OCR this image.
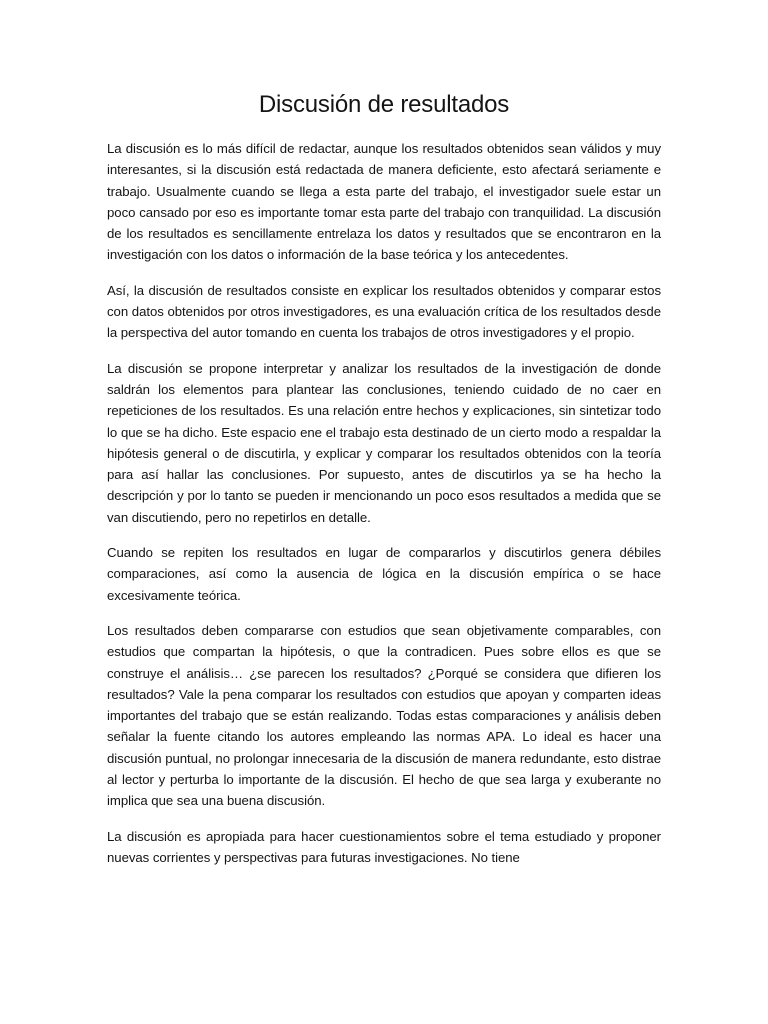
Discusión de resultados

La discusión es lo más difícil de redactar, aunque los resultados obtenidos sean válidos y muy interesantes, si la discusión está redactada de manera deficiente, esto afectará seriamente e trabajo. Usualmente cuando se llega a esta parte del trabajo, el investigador suele estar un poco cansado por eso es importante tomar esta parte del trabajo con tranquilidad. La discusión de los resultados es sencillamente entrelaza los datos y resultados que se encontraron en la investigación con los datos o información de la base teórica y los antecedentes.

Así, la discusión de resultados consiste en explicar los resultados obtenidos y comparar estos con datos obtenidos por otros investigadores, es una evaluación crítica de los resultados desde la perspectiva del autor tomando en cuenta los trabajos de otros investigadores y el propio.

La discusión se propone interpretar y analizar los resultados de la investigación de donde saldrán los elementos para plantear las conclusiones, teniendo cuidado de no caer en repeticiones de los resultados. Es una relación entre hechos y explicaciones, sin sintetizar todo lo que se ha dicho. Este espacio ene el trabajo esta destinado de un cierto modo a respaldar la hipótesis general o de discutirla, y explicar y comparar los resultados obtenidos con la teoría para así hallar las conclusiones. Por supuesto, antes de discutirlos ya se ha hecho la descripción y por lo tanto se pueden ir mencionando un poco esos resultados a medida que se van discutiendo, pero no repetirlos en detalle.

Cuando se repiten los resultados en lugar de compararlos y discutirlos genera débiles comparaciones, así como la ausencia de lógica en la discusión empírica o se hace excesivamente teórica.

Los resultados deben compararse con estudios que sean objetivamente comparables, con estudios que compartan la hipótesis, o que la contradicen. Pues sobre ellos es que se construye el análisis… ¿se parecen los resultados? ¿Porqué se considera que difieren los resultados? Vale la pena comparar los resultados con estudios que apoyan y comparten ideas importantes del trabajo que se están realizando. Todas estas comparaciones y análisis deben señalar la fuente citando los autores empleando las normas APA. Lo ideal es hacer una discusión puntual, no prolongar innecesaria de la discusión de manera redundante, esto distrae al lector y perturba lo importante de la discusión. El hecho de que sea larga y exuberante no implica que sea una buena discusión.

La discusión es apropiada para hacer cuestionamientos sobre el tema estudiado y proponer nuevas corrientes y perspectivas para futuras investigaciones. No tiene
